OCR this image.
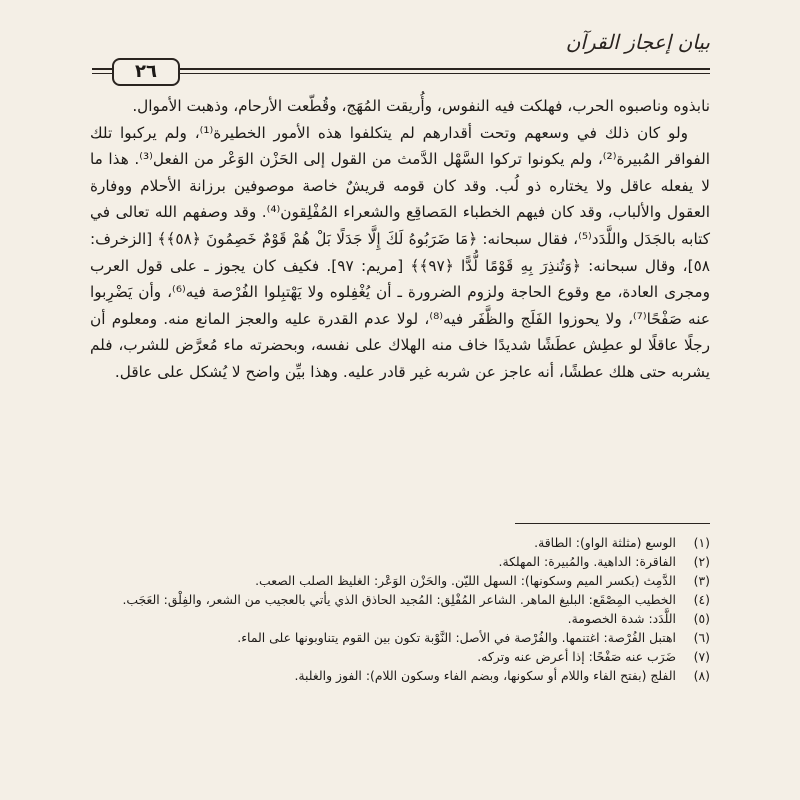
بيان إعجاز القرآن
٢٦

نابذوه وناصبوه الحرب، فهلكت فيه النفوس، وأُريقت المُهَج، وقُطّعت الأرحام، وذهبت الأموال.

ولو كان ذلك في وسعهم وتحت أقدارهم لم يتكلفوا هذه الأمور الخطيرة⁽¹⁾، ولم يركبوا تلك الفواقر المُبيرة⁽²⁾، ولم يكونوا تركوا السَّهْل الدَّمث من القول إلى الحَزْن الوَعْر من الفعل⁽³⁾. هذا ما لا يفعله عاقل ولا يختاره ذو لُب. وقد كان قومه قريشٌ خاصة موصوفين برزانة الأحلام ووفارة العقول والألباب، وقد كان فيهم الخطباء المَصاقِع والشعراء المُفْلِقون⁽⁴⁾. وقد وصفهم الله تعالى في كتابه بالجَدَل واللَّدَد⁽⁵⁾، فقال سبحانه: ﴿مَا ضَرَبُوهُ لَكَ إِلَّا جَدَلًا بَلْ هُمْ قَوْمٌ خَصِمُونَ ﴿٥٨﴾﴾ [الزخرف: ٥٨]، وقال سبحانه: ﴿وَتُنذِرَ بِهِ قَوْمًا لُّدًّا ﴿٩٧﴾﴾ [مريم: ٩٧]. فكيف كان يجوز ـ على قول العرب ومجرى العادة، مع وقوع الحاجة ولزوم الضرورة ـ أن يُغْفِلوه ولا يَهْتبِلوا الفُرْصة فيه⁽⁶⁾، وأن يَضْرِبوا عنه صَفْحًا⁽⁷⁾، ولا يحوزوا الفَلَج والظَّفَر فيه⁽⁸⁾، لولا عدم القدرة عليه والعجز المانع منه. ومعلوم أن رجلًا عاقلًا لو عطِش عطَشًا شديدًا خاف منه الهلاك على نفسه، وبحضرته ماء مُعرَّض للشرب، فلم يشربه حتى هلك عطشًا، أنه عاجز عن شربه غير قادر عليه. وهذا بيِّن واضح لا يُشكل على عاقل.

(١)
الوسع (مثلثة الواو): الطاقة.
(٢)
الفاقرة: الداهية. والمُبيرة: المهلكة.
(٣)
الدَّمِث (بكسر الميم وسكونها): السهل الليّن. والحَزْن الوَعْر: الغليظ الصلب الصعب.
(٤)
الخطيب المِصْقَع: البليغ الماهر. الشاعر المُفْلِق: المُجيد الحاذق الذي يأتي بالعجيب من الشعر، والفِلْق: العَجَب.
(٥)
اللَّدَد: شدة الخصومة.
(٦)
اهتبل الفُرْصة: اغتنمها. والفُرْصة في الأصل: النَّوْبة تكون بين القوم يتناوبونها على الماء.
(٧)
ضَرَب عنه صَفْحًا: إذا أعرض عنه وتركه.
(٨)
الفلج (بفتح الفاء واللام أو سكونها، وبضم الفاء وسكون اللام): الفوز والغلبة.
